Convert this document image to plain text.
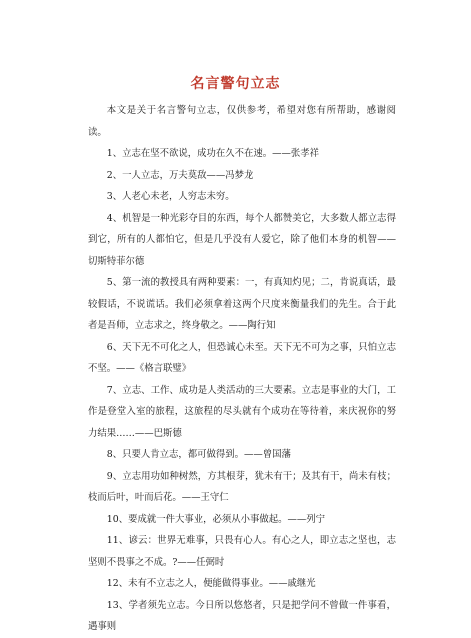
名言警句立志

本文是关于名言警句立志，仅供参考，希望对您有所帮助，感谢阅读。

1、立志在坚不欲说，成功在久不在速。——张孝祥

2、一人立志，万夫莫敌——冯梦龙

3、人老心未老，人穷志未穷。

4、机智是一种光彩夺目的东西，每个人都赞美它，大多数人都立志得到它，所有的人都怕它，但是几乎没有人爱它，除了他们本身的机智——切斯特菲尔德

5、第一流的教授具有两种要素：一，有真知灼见；二，肯说真话，最较假话，不说谎话。我们必须拿着这两个尺度来衡量我们的先生。合于此者是吾师，立志求之，终身敬之。——陶行知

6、天下无不可化之人，但恐诚心未至。天下无不可为之事，只怕立志不坚。——《格言联璧》

7、立志、工作、成功是人类活动的三大要素。立志是事业的大门，工作是登堂入室的旅程，这旅程的尽头就有个成功在等待着，来庆祝你的努力结果……——巴斯德

8、只要人肯立志，都可做得到。——曾国藩

9、立志用功如种树然，方其根芽，犹未有干；及其有干，尚未有枝；枝而后叶，叶而后花。——王守仁

10、要成就一件大事业，必须从小事做起。——列宁

11、谚云：世界无难事，只畏有心人。有心之人，即立志之坚也，志坚则不畏事之不成。?——任弼时

12、未有不立志之人，便能做得事业。——戚继光

13、学者须先立志。今日所以悠悠者，只是把学问不曾做一件事看，遇事则
